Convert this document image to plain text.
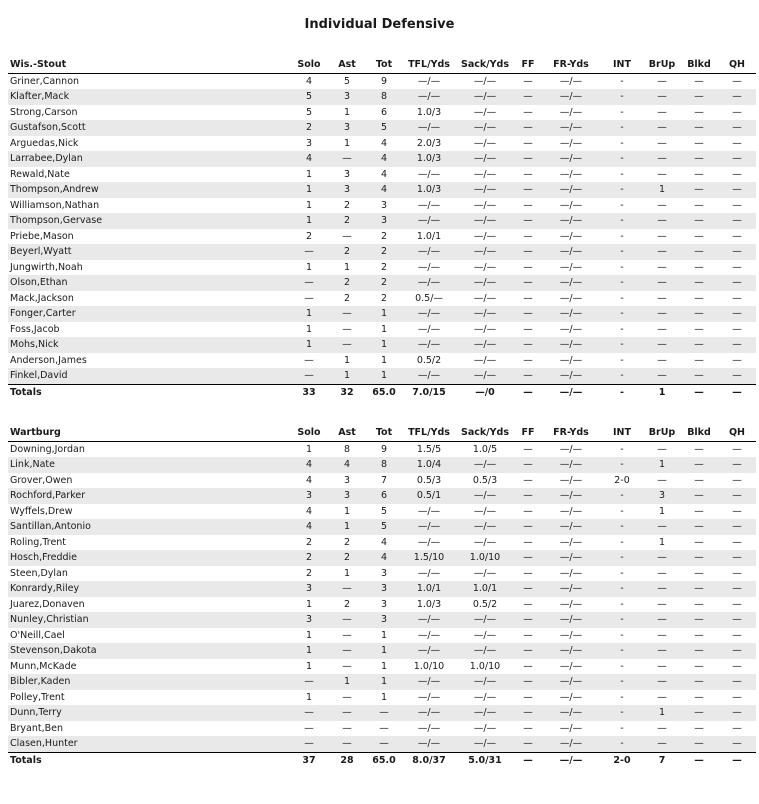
Individual Defensive
Wis.-Stout	Solo	Ast	Tot	TFL/Yds	Sack/Yds	FF	FR-Yds	INT	BrUp	Blkd	QH
Griner,Cannon	4	5	9	—/—	—/—	—	—/—	-	—	—	—
Klafter,Mack	5	3	8	—/—	—/—	—	—/—	-	—	—	—
Strong,Carson	5	1	6	1.0/3	—/—	—	—/—	-	—	—	—
Gustafson,Scott	2	3	5	—/—	—/—	—	—/—	-	—	—	—
Arguedas,Nick	3	1	4	2.0/3	—/—	—	—/—	-	—	—	—
Larrabee,Dylan	4	—	4	1.0/3	—/—	—	—/—	-	—	—	—
Rewald,Nate	1	3	4	—/—	—/—	—	—/—	-	—	—	—
Thompson,Andrew	1	3	4	1.0/3	—/—	—	—/—	-	1	—	—
Williamson,Nathan	1	2	3	—/—	—/—	—	—/—	-	—	—	—
Thompson,Gervase	1	2	3	—/—	—/—	—	—/—	-	—	—	—
Priebe,Mason	2	—	2	1.0/1	—/—	—	—/—	-	—	—	—
Beyerl,Wyatt	—	2	2	—/—	—/—	—	—/—	-	—	—	—
Jungwirth,Noah	1	1	2	—/—	—/—	—	—/—	-	—	—	—
Olson,Ethan	—	2	2	—/—	—/—	—	—/—	-	—	—	—
Mack,Jackson	—	2	2	0.5/—	—/—	—	—/—	-	—	—	—
Fonger,Carter	1	—	1	—/—	—/—	—	—/—	-	—	—	—
Foss,Jacob	1	—	1	—/—	—/—	—	—/—	-	—	—	—
Mohs,Nick	1	—	1	—/—	—/—	—	—/—	-	—	—	—
Anderson,James	—	1	1	0.5/2	—/—	—	—/—	-	—	—	—
Finkel,David	—	1	1	—/—	—/—	—	—/—	-	—	—	—
Totals	33	32	65.0	7.0/15	—/0	—	—/—	-	1	—	—
Wartburg	Solo	Ast	Tot	TFL/Yds	Sack/Yds	FF	FR-Yds	INT	BrUp	Blkd	QH
Downing,Jordan	1	8	9	1.5/5	1.0/5	—	—/—	-	—	—	—
Link,Nate	4	4	8	1.0/4	—/—	—	—/—	-	1	—	—
Grover,Owen	4	3	7	0.5/3	0.5/3	—	—/—	2-0	—	—	—
Rochford,Parker	3	3	6	0.5/1	—/—	—	—/—	-	3	—	—
Wyffels,Drew	4	1	5	—/—	—/—	—	—/—	-	1	—	—
Santillan,Antonio	4	1	5	—/—	—/—	—	—/—	-	—	—	—
Roling,Trent	2	2	4	—/—	—/—	—	—/—	-	1	—	—
Hosch,Freddie	2	2	4	1.5/10	1.0/10	—	—/—	-	—	—	—
Steen,Dylan	2	1	3	—/—	—/—	—	—/—	-	—	—	—
Konrardy,Riley	3	—	3	1.0/1	1.0/1	—	—/—	-	—	—	—
Juarez,Donaven	1	2	3	1.0/3	0.5/2	—	—/—	-	—	—	—
Nunley,Christian	3	—	3	—/—	—/—	—	—/—	-	—	—	—
O'Neill,Cael	1	—	1	—/—	—/—	—	—/—	-	—	—	—
Stevenson,Dakota	1	—	1	—/—	—/—	—	—/—	-	—	—	—
Munn,McKade	1	—	1	1.0/10	1.0/10	—	—/—	-	—	—	—
Bibler,Kaden	—	1	1	—/—	—/—	—	—/—	-	—	—	—
Polley,Trent	1	—	1	—/—	—/—	—	—/—	-	—	—	—
Dunn,Terry	—	—	—	—/—	—/—	—	—/—	-	1	—	—
Bryant,Ben	—	—	—	—/—	—/—	—	—/—	-	—	—	—
Clasen,Hunter	—	—	—	—/—	—/—	—	—/—	-	—	—	—
Totals	37	28	65.0	8.0/37	5.0/31	—	—/—	2-0	7	—	—
